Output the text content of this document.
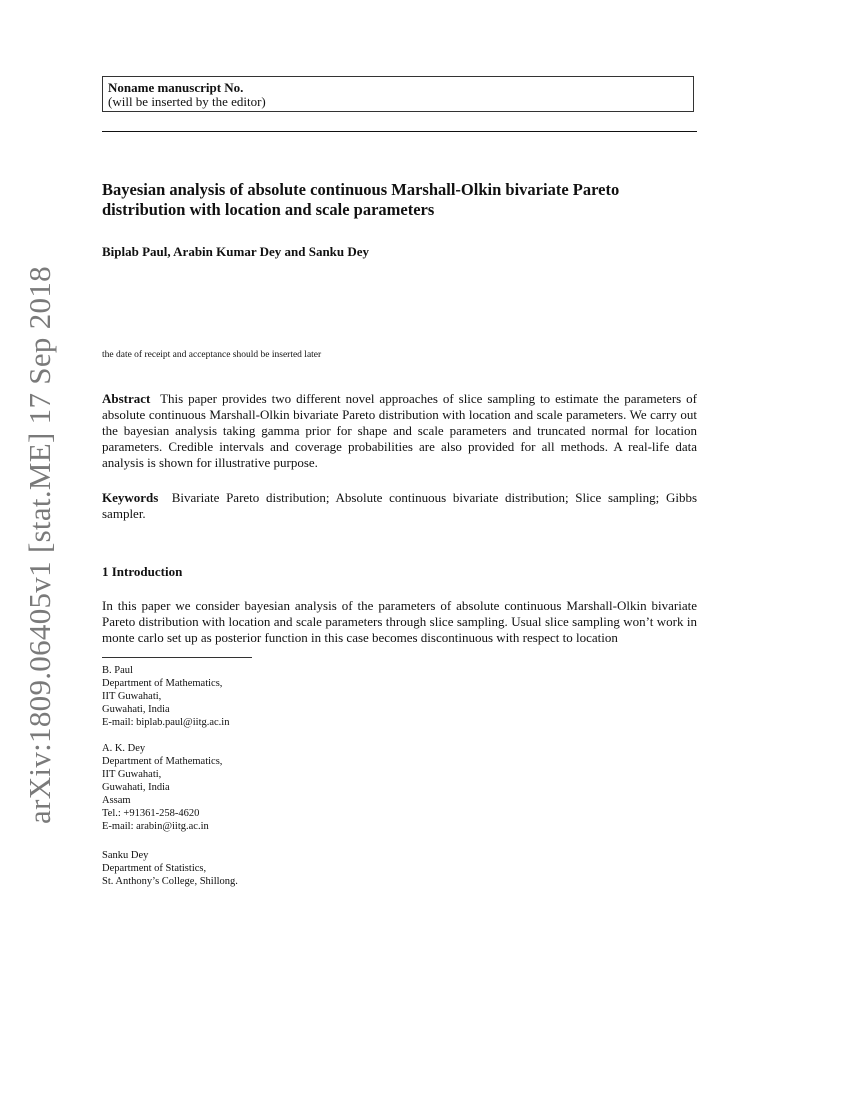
arXiv:1809.06405v1 [stat.ME] 17 Sep 2018
Noname manuscript No.
(will be inserted by the editor)
Bayesian analysis of absolute continuous Marshall-Olkin bivariate Pareto distribution with location and scale parameters
Biplab Paul, Arabin Kumar Dey and Sanku Dey
the date of receipt and acceptance should be inserted later
Abstract This paper provides two different novel approaches of slice sampling to estimate the parameters of absolute continuous Marshall-Olkin bivariate Pareto distribution with location and scale parameters. We carry out the bayesian analysis taking gamma prior for shape and scale parameters and truncated normal for location parameters. Credible intervals and coverage probabilities are also provided for all methods. A real-life data analysis is shown for illustrative purpose.
Keywords Bivariate Pareto distribution; Absolute continuous bivariate distribution; Slice sampling; Gibbs sampler.
1 Introduction
In this paper we consider bayesian analysis of the parameters of absolute continuous Marshall-Olkin bivariate Pareto distribution with location and scale parameters through slice sampling. Usual slice sampling won’t work in monte carlo set up as posterior function in this case becomes discontinuous with respect to location
B. Paul
Department of Mathematics,
IIT Guwahati,
Guwahati, India
E-mail: biplab.paul@iitg.ac.in
A. K. Dey
Department of Mathematics,
IIT Guwahati,
Guwahati, India
Assam
Tel.: +91361-258-4620
E-mail: arabin@iitg.ac.in
Sanku Dey
Department of Statistics,
St. Anthony’s College, Shillong.
